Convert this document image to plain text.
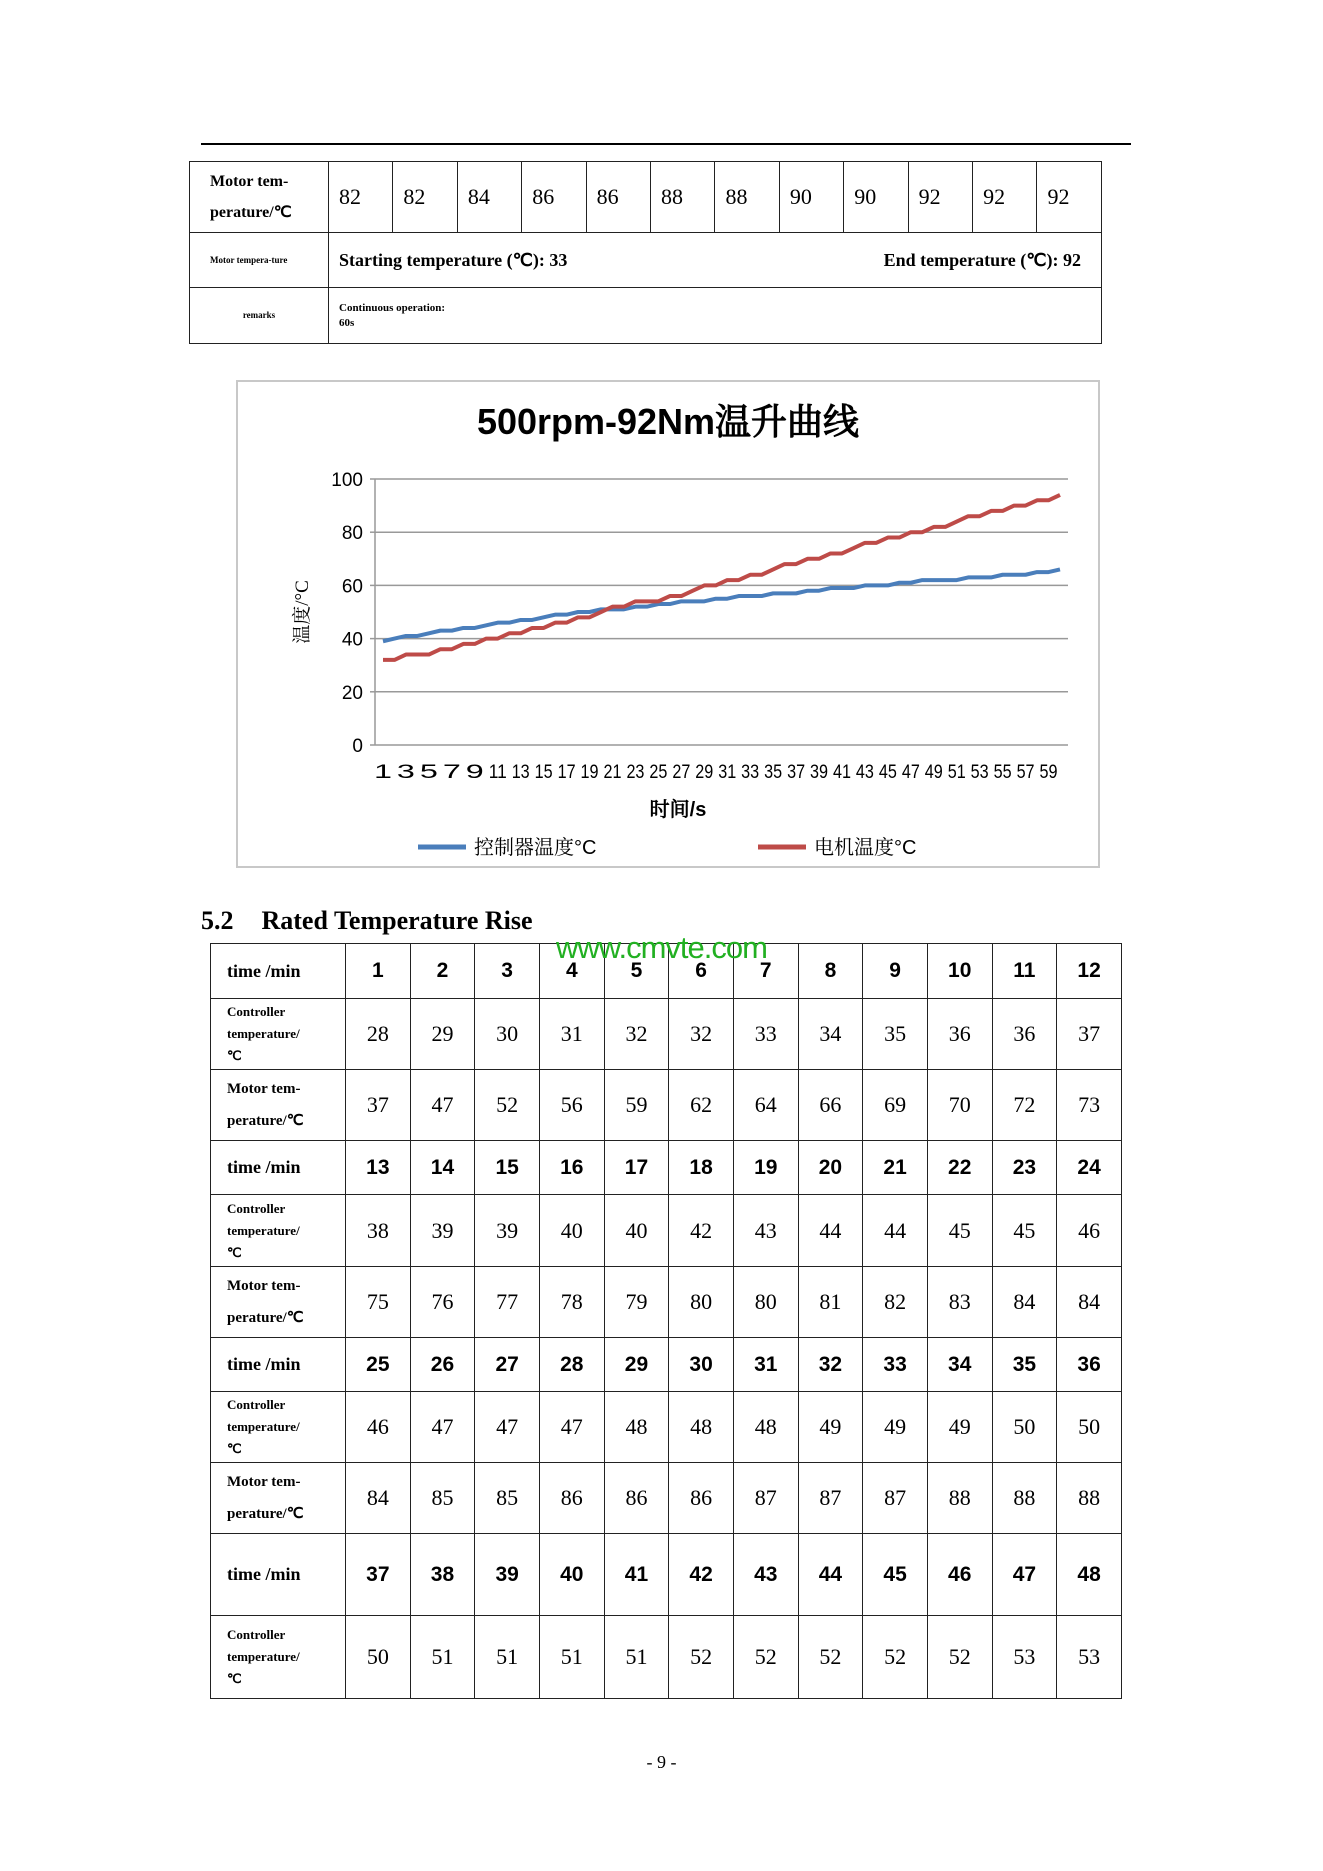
Motor tem-perature/℃	82	82	84	86	86	88	88	90	90	92	92	92
Motor tempera-ture	Starting temperature (℃): 33 End temperature (℃): 92											

remarks	Continuous operation:
60s											
500rpm-92Nm温升曲线
0
20
40
60
80
100
1 3 5 7 9 11 13 15 17 19 21 23 25 27 29 31 33 35 37 39 41 43 45 47 49 51 53 55 57 59
时间/s
温度/°C
控制器温度°C	电机温度°C
5.2 Rated Temperature Rise
www.cmvte.com
time /min	1	2	3	4	5	6	7	8	9	10	11	12

Controller
temperature/
℃	28	29	30	31	32	32	33	34	35	36	36	37

Motor tem-
perature/℃	37	47	52	56	59	62	64	66	69	70	72	73
time /min	13	14	15	16	17	18	19	20	21	22	23	24

Controller
temperature/
℃	38	39	39	40	40	42	43	44	44	45	45	46

Motor tem-
perature/℃	75	76	77	78	79	80	80	81	82	83	84	84
time /min	25	26	27	28	29	30	31	32	33	34	35	36

Controller
temperature/
℃	46	47	47	47	48	48	48	49	49	49	50	50

Motor tem-
perature/℃	84	85	85	86	86	86	87	87	87	88	88	88
time /min	37	38	39	40	41	42	43	44	45	46	47	48

Controller
temperature/
℃	50	51	51	51	51	52	52	52	52	52	53	53
- 9 -
